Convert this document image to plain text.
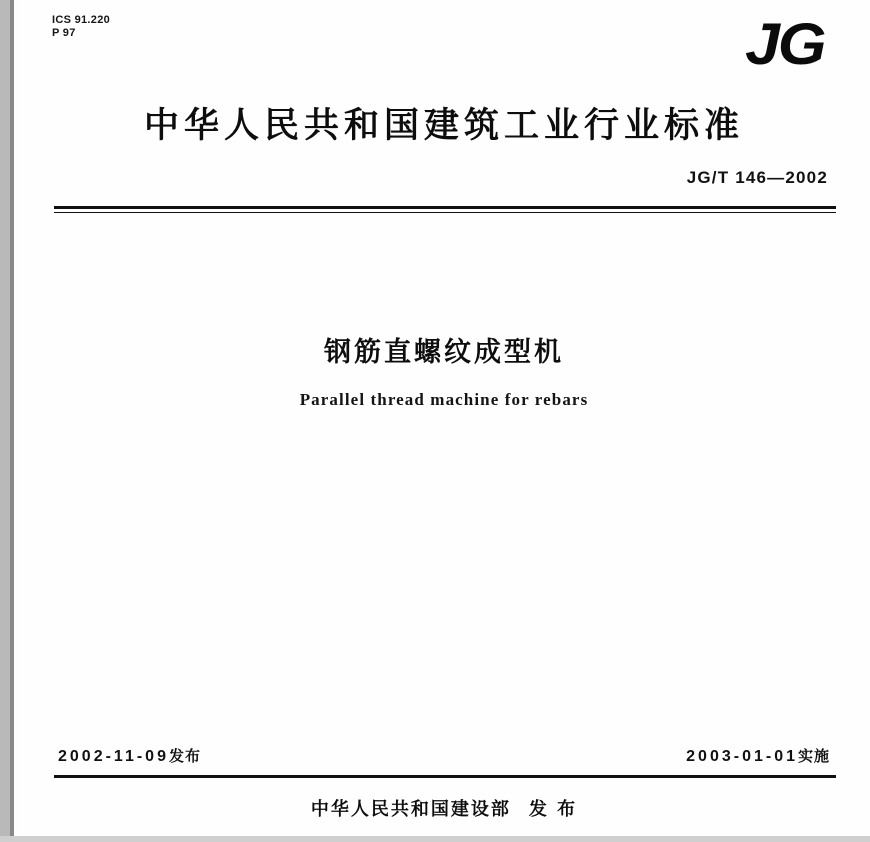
ICS 91.220
P 97	JG
中华人民共和国建筑工业行业标准
JG/T 146—2002
钢筋直螺纹成型机
Parallel thread machine for rebars
2002-11-09发布	2003-01-01实施
中华人民共和国建设部 发 布
